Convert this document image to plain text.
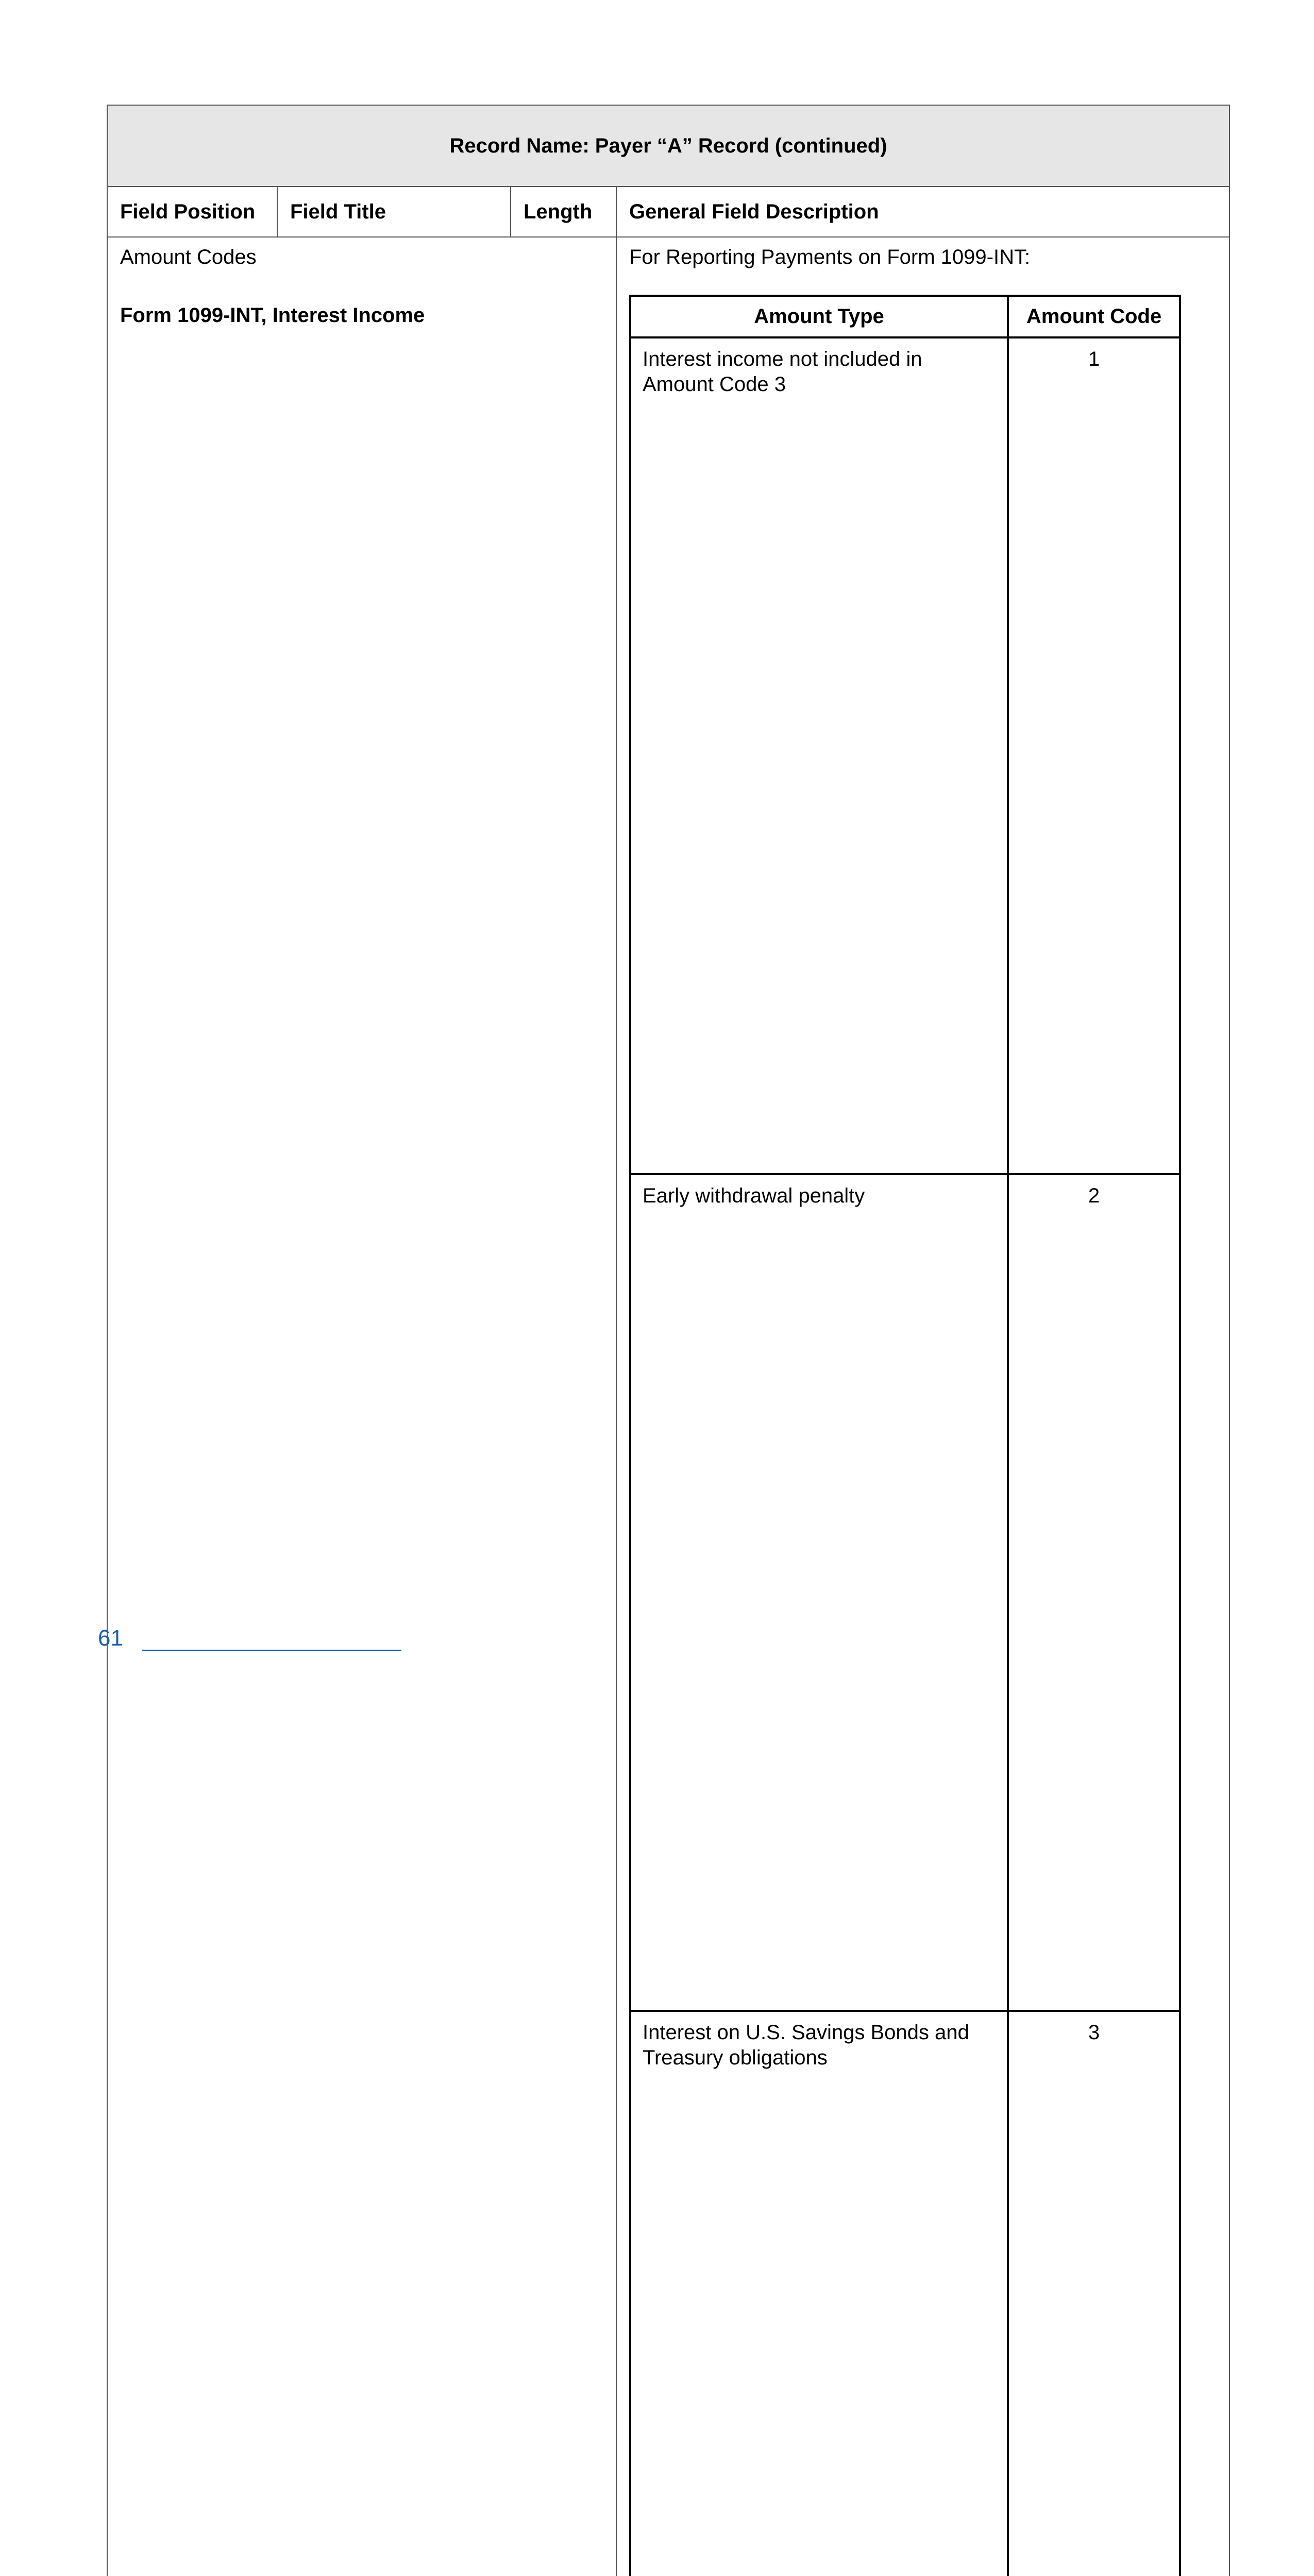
Record Name: Payer “A” Record (continued)
Field Position	Field Title	Length	General Field Description

Amount Codes

Form 1099-INT, Interest Income

For Reporting Payments on Form 1099-INT:

Amount Type	Amount Code
Interest income not included in Amount Code 3	1
Early withdrawal penalty	2
Interest on U.S. Savings Bonds and Treasury obligations	3

61
